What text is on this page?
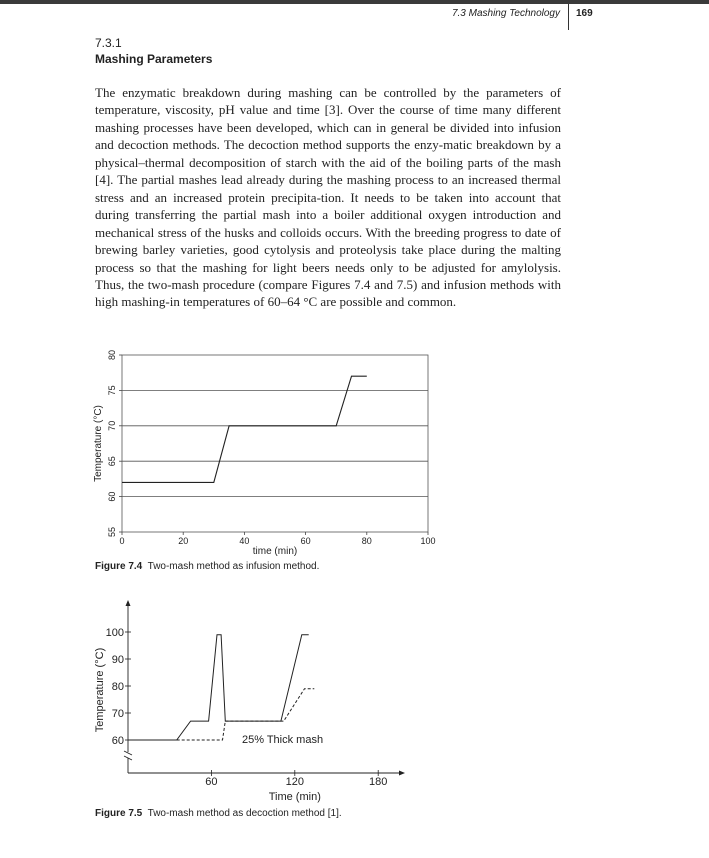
7.3 Mashing Technology 169
7.3.1
Mashing Parameters

The enzymatic breakdown during mashing can be controlled by the parameters of temperature, viscosity, pH value and time [3]. Over the course of time many different mashing processes have been developed, which can in general be divided into infusion and decoction methods. The decoction method supports the enzy-matic breakdown by a physical–thermal decomposition of starch with the aid of the boiling parts of the mash [4]. The partial mashes lead already during the mashing process to an increased thermal stress and an increased protein precipita-tion. It needs to be taken into account that during transferring the partial mash into a boiler additional oxygen introduction and mechanical stress of the husks and colloids occurs. With the breeding progress to date of brewing barley varieties, good cytolysis and proteolysis take place during the malting process so that the mashing for light beers needs only to be adjusted for amylolysis. Thus, the two-mash procedure (compare Figures 7.4 and 7.5) and infusion methods with high mashing-in temperatures of 60–64 °C are possible and common.

55
60
65
70
75
80
0	20	40	60	80	100
time (min)
Temperature (°C)
Figure 7.4 Two-mash method as infusion method.
60
70
80
90
100
60	120	180
Time (min)
Temperature (°C)
25% Thick mash
Figure 7.5 Two-mash method as decoction method [1].
